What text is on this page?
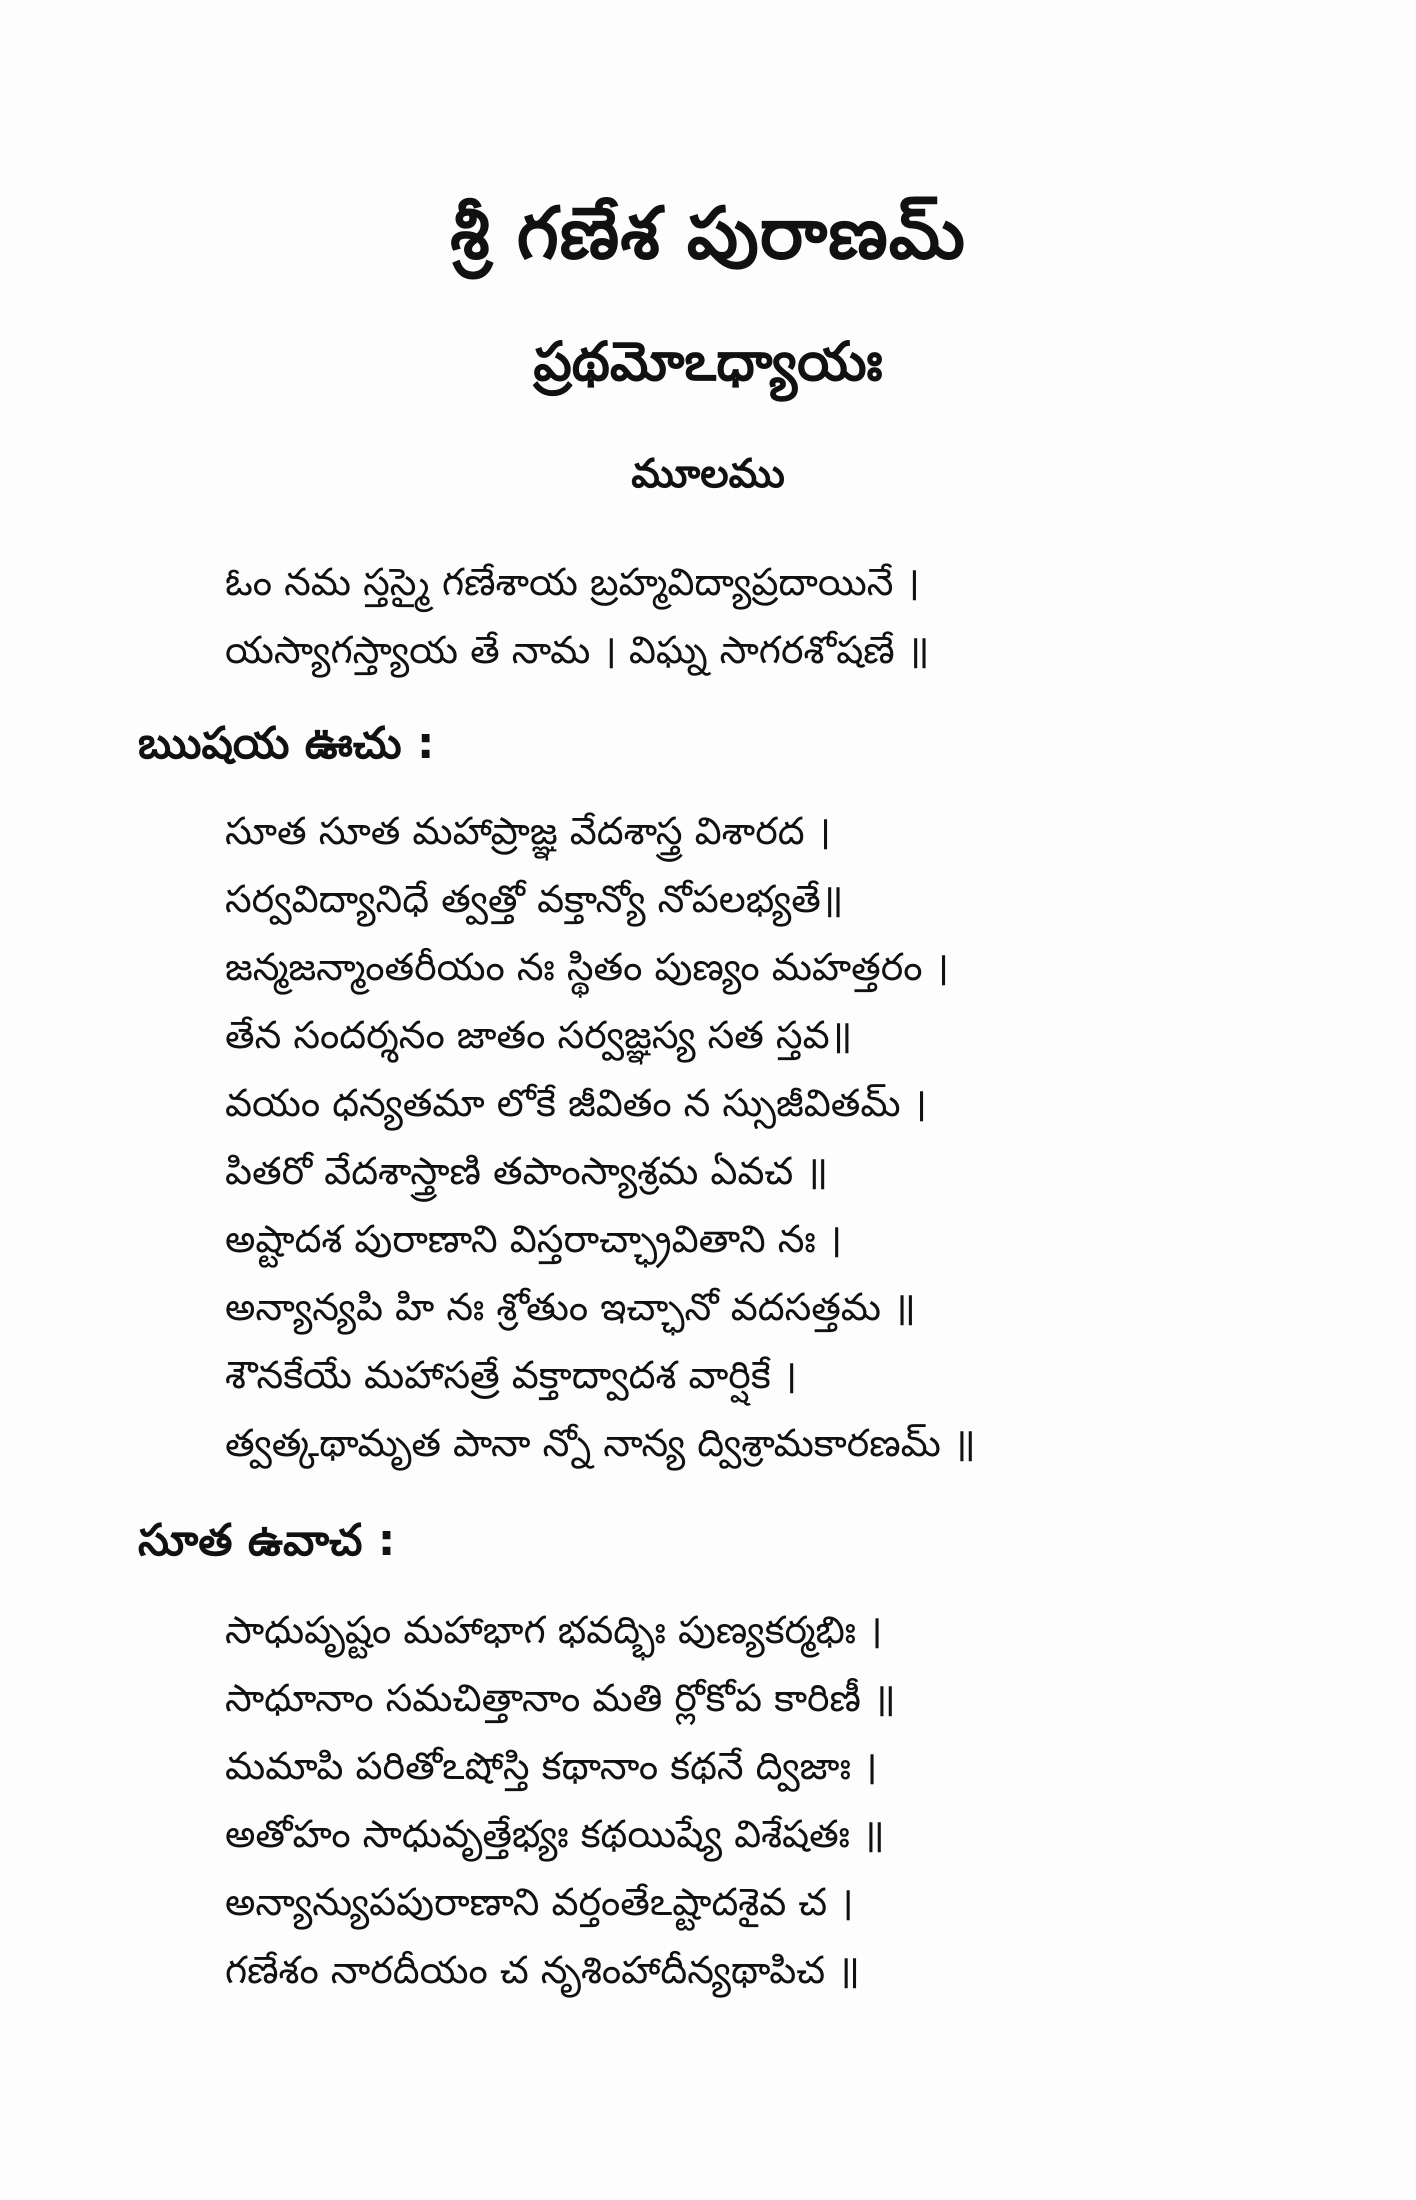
శ్రీ గణేశ పురాణమ్
ప్రథమోఽధ్యాయః
మూలము
ఓం నమ స్తస్మై గణేశాయ బ్రహ్మవిద్యాప్రదాయినే ।
యస్యాగస్త్యాయ తే నామ । విఘ్న సాగరశోషణే ॥
ఋషయ ఊచు :
సూత సూత మహాప్రాజ్ఞ వేదశాస్త్ర విశారద ।
సర్వవిద్యానిధే త్వత్తో వక్తాన్యో నోపలభ్యతే॥
జన్మజన్మాంతరీయం నః స్థితం పుణ్యం మహత్తరం ।
తేన సందర్శనం జాతం సర్వజ్ఞస్య సత స్తవ॥
వయం ధన్యతమా లోకే జీవితం న స్సుజీవితమ్ ।
పితరో వేదశాస్త్రాణి తపాంస్యాశ్రమ ఏవచ ॥
అష్టాదశ పురాణాని విస్తరాచ్ఛ్రావితాని నః ।
అన్యాన్యపి హి నః శ్రోతుం ఇచ్ఛానో వదసత్తమ ॥
శౌనకేయే మహాసత్రే వక్తాద్వాదశ వార్షికే ।
త్వత్కథామృత పానా న్నో నాన్య ద్విశ్రామకారణమ్ ॥
సూత ఉవాచ :
సాధుపృష్టం మహాభాగ భవద్భిః పుణ్యకర్మభిః ।
సాధూనాం సమచిత్తానాం మతి ర్లోకోప కారిణీ ॥
మమాపి పరితోఽషోస్తి కథానాం కథనే ద్విజాః ।
అతోహం సాధువృత్తేభ్యః కథయిష్యే విశేషతః ॥
అన్యాన్యుపపురాణాని వర్తంతేఽష్టాదశైవ చ ।
గణేశం నారదీయం చ నృశింహాదీన్యథాపిచ ॥
